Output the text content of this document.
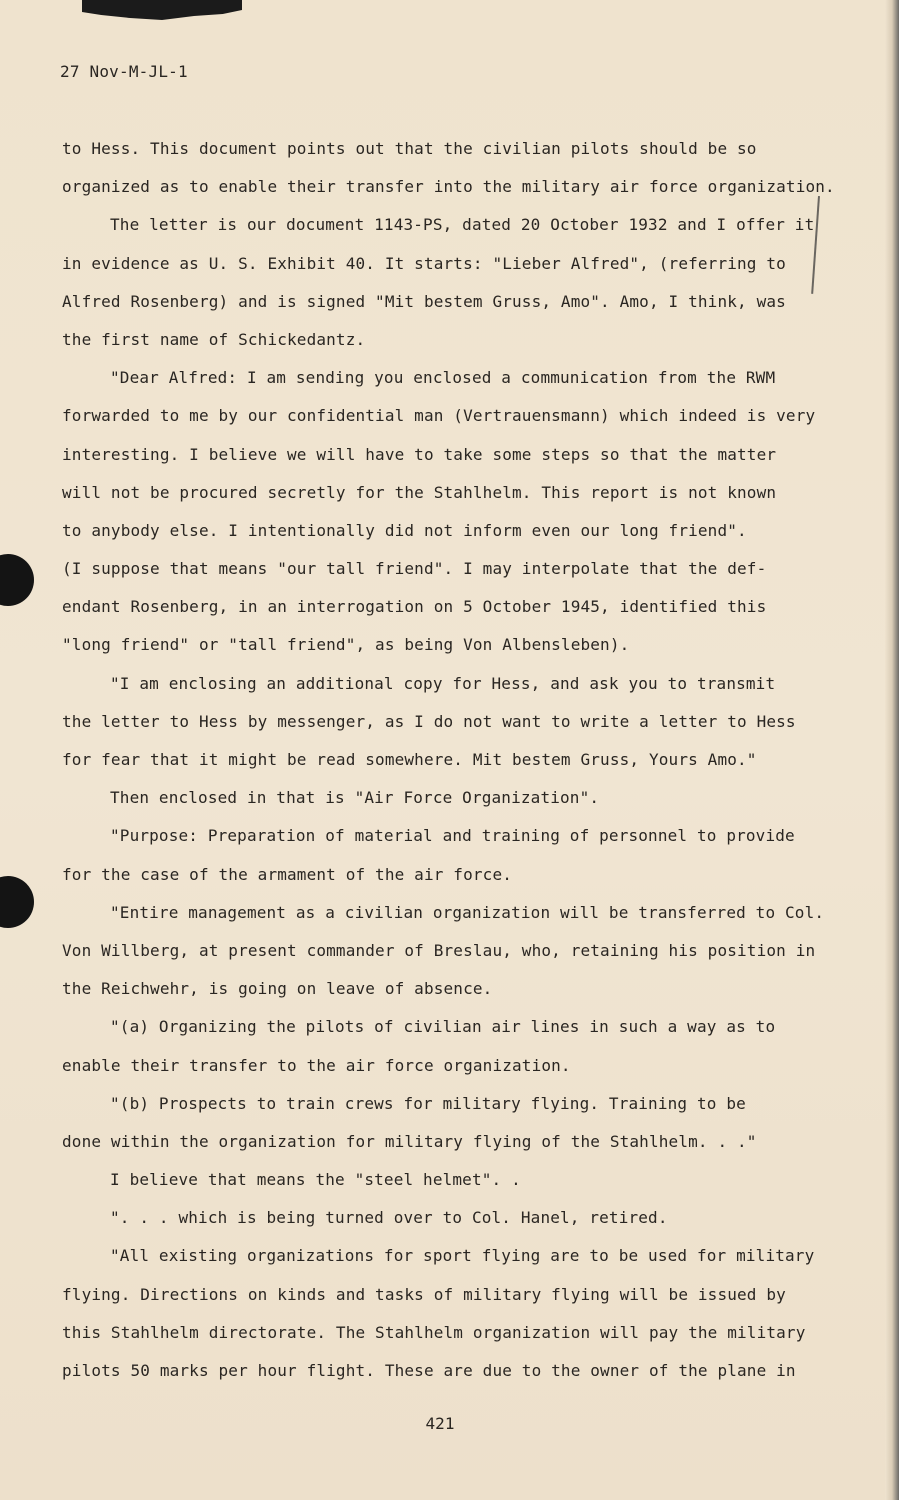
27 Nov-M-JL-1
to Hess. This document points out that the civilian pilots should be so
organized as to enable their transfer into the military air force organization.
The letter is our document 1143-PS, dated 20 October 1932 and I offer it
in evidence as U. S. Exhibit 40. It starts: "Lieber Alfred", (referring to
Alfred Rosenberg) and is signed "Mit bestem Gruss, Amo". Amo, I think, was
the first name of Schickedantz.
"Dear Alfred: I am sending you enclosed a communication from the RWM
forwarded to me by our confidential man (Vertrauensmann) which indeed is very
interesting. I believe we will have to take some steps so that the matter
will not be procured secretly for the Stahlhelm. This report is not known
to anybody else. I intentionally did not inform even our long friend".
(I suppose that means "our tall friend". I may interpolate that the def-
endant Rosenberg, in an interrogation on 5 October 1945, identified this
"long friend" or "tall friend", as being Von Albensleben).
"I am enclosing an additional copy for Hess, and ask you to transmit
the letter to Hess by messenger, as I do not want to write a letter to Hess
for fear that it might be read somewhere. Mit bestem Gruss, Yours Amo."
Then enclosed in that is "Air Force Organization".
"Purpose: Preparation of material and training of personnel to provide
for the case of the armament of the air force.
"Entire management as a civilian organization will be transferred to Col.
Von Willberg, at present commander of Breslau, who, retaining his position in
the Reichwehr, is going on leave of absence.
"(a) Organizing the pilots of civilian air lines in such a way as to
enable their transfer to the air force organization.
"(b) Prospects to train crews for military flying. Training to be
done within the organization for military flying of the Stahlhelm. . ."
I believe that means the "steel helmet". .
". . . which is being turned over to Col. Hanel, retired.
"All existing organizations for sport flying are to be used for military
flying. Directions on kinds and tasks of military flying will be issued by
this Stahlhelm directorate. The Stahlhelm organization will pay the military
pilots 50 marks per hour flight. These are due to the owner of the plane in
421
